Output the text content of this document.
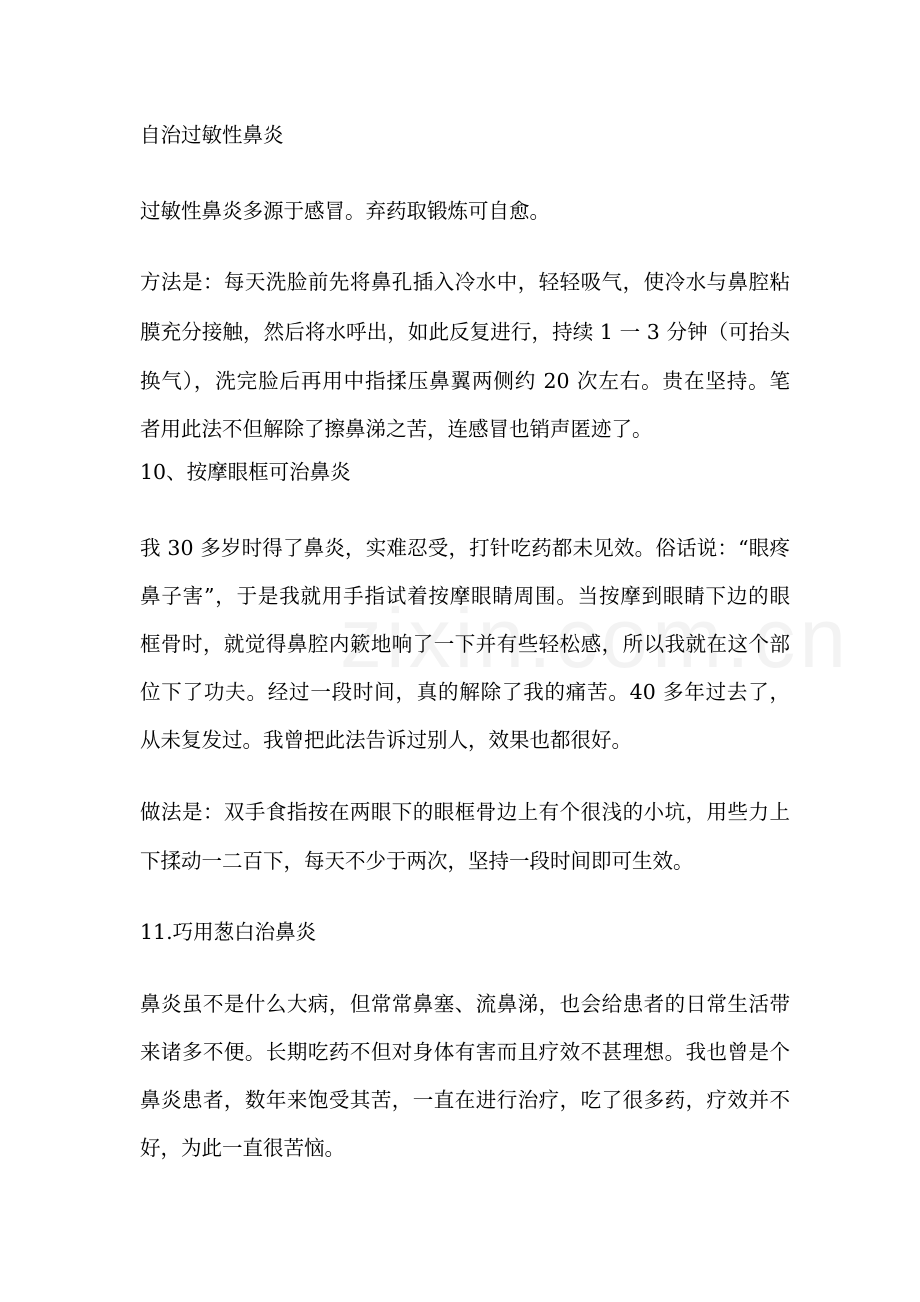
自治过敏性鼻炎
过敏性鼻炎多源于感冒。弃药取锻炼可自愈。
方法是：每天洗脸前先将鼻孔插入冷水中，轻轻吸气，使冷水与鼻腔粘
膜充分接触，然后将水呼出，如此反复进行，持续 1 一 3 分钟（可抬头
换气），洗完脸后再用中指揉压鼻翼两侧约 20 次左右。贵在坚持。笔
者用此法不但解除了擦鼻涕之苦，连感冒也销声匿迹了。
10、按摩眼框可治鼻炎
我 30 多岁时得了鼻炎，实难忍受，打针吃药都未见效。俗话说：“眼疼
鼻子害”，于是我就用手指试着按摩眼睛周围。当按摩到眼睛下边的眼
框骨时，就觉得鼻腔内簌地响了一下并有些轻松感，所以我就在这个部
位下了功夫。经过一段时间，真的解除了我的痛苦。40 多年过去了，
从未复发过。我曾把此法告诉过别人，效果也都很好。
做法是：双手食指按在两眼下的眼框骨边上有个很浅的小坑，用些力上
下揉动一二百下，每天不少于两次，坚持一段时间即可生效。
11.巧用葱白治鼻炎
鼻炎虽不是什么大病，但常常鼻塞、流鼻涕，也会给患者的日常生活带
来诸多不便。长期吃药不但对身体有害而且疗效不甚理想。我也曾是个
鼻炎患者，数年来饱受其苦，一直在进行治疗，吃了很多药，疗效并不
好，为此一直很苦恼。
